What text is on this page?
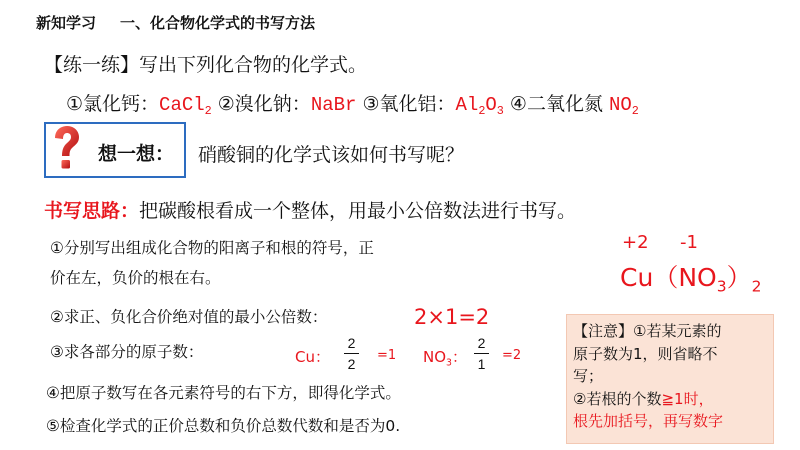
新知学习 一、化合物化学式的书写方法
【练一练】写出下列化合物的化学式。
①氯化钙：CaCl$_2$ ②溴化钠：NaBr ③氧化铝：$Al_2O_3$ ④二氧化氮 $NO_2$
想一想： 硝酸铜的化学式该如何书写呢？
书写思路：把碳酸根看成一个整体，用最小公倍数法进行书写。
①分别写出组成化合物的阳离子和根的符号，正
价在左，负价的根在右。
②求正、负化合价绝对值的最小公倍数：	2×1=2
③求各部分的原子数：
④把原子数写在各元素符号的右下方，即得化学式。
⑤检查化学式的正价总数和负价总数代数和是否为0.
Cu：
2
2
=1 $NO_3$：
2
1
=2
+2 -1
$Cu(NO_3)_2$
【注意】①若某元素的
原子数为1，则省略不
写；
②若根的个数≧1时，
根先加括号，再写数字
